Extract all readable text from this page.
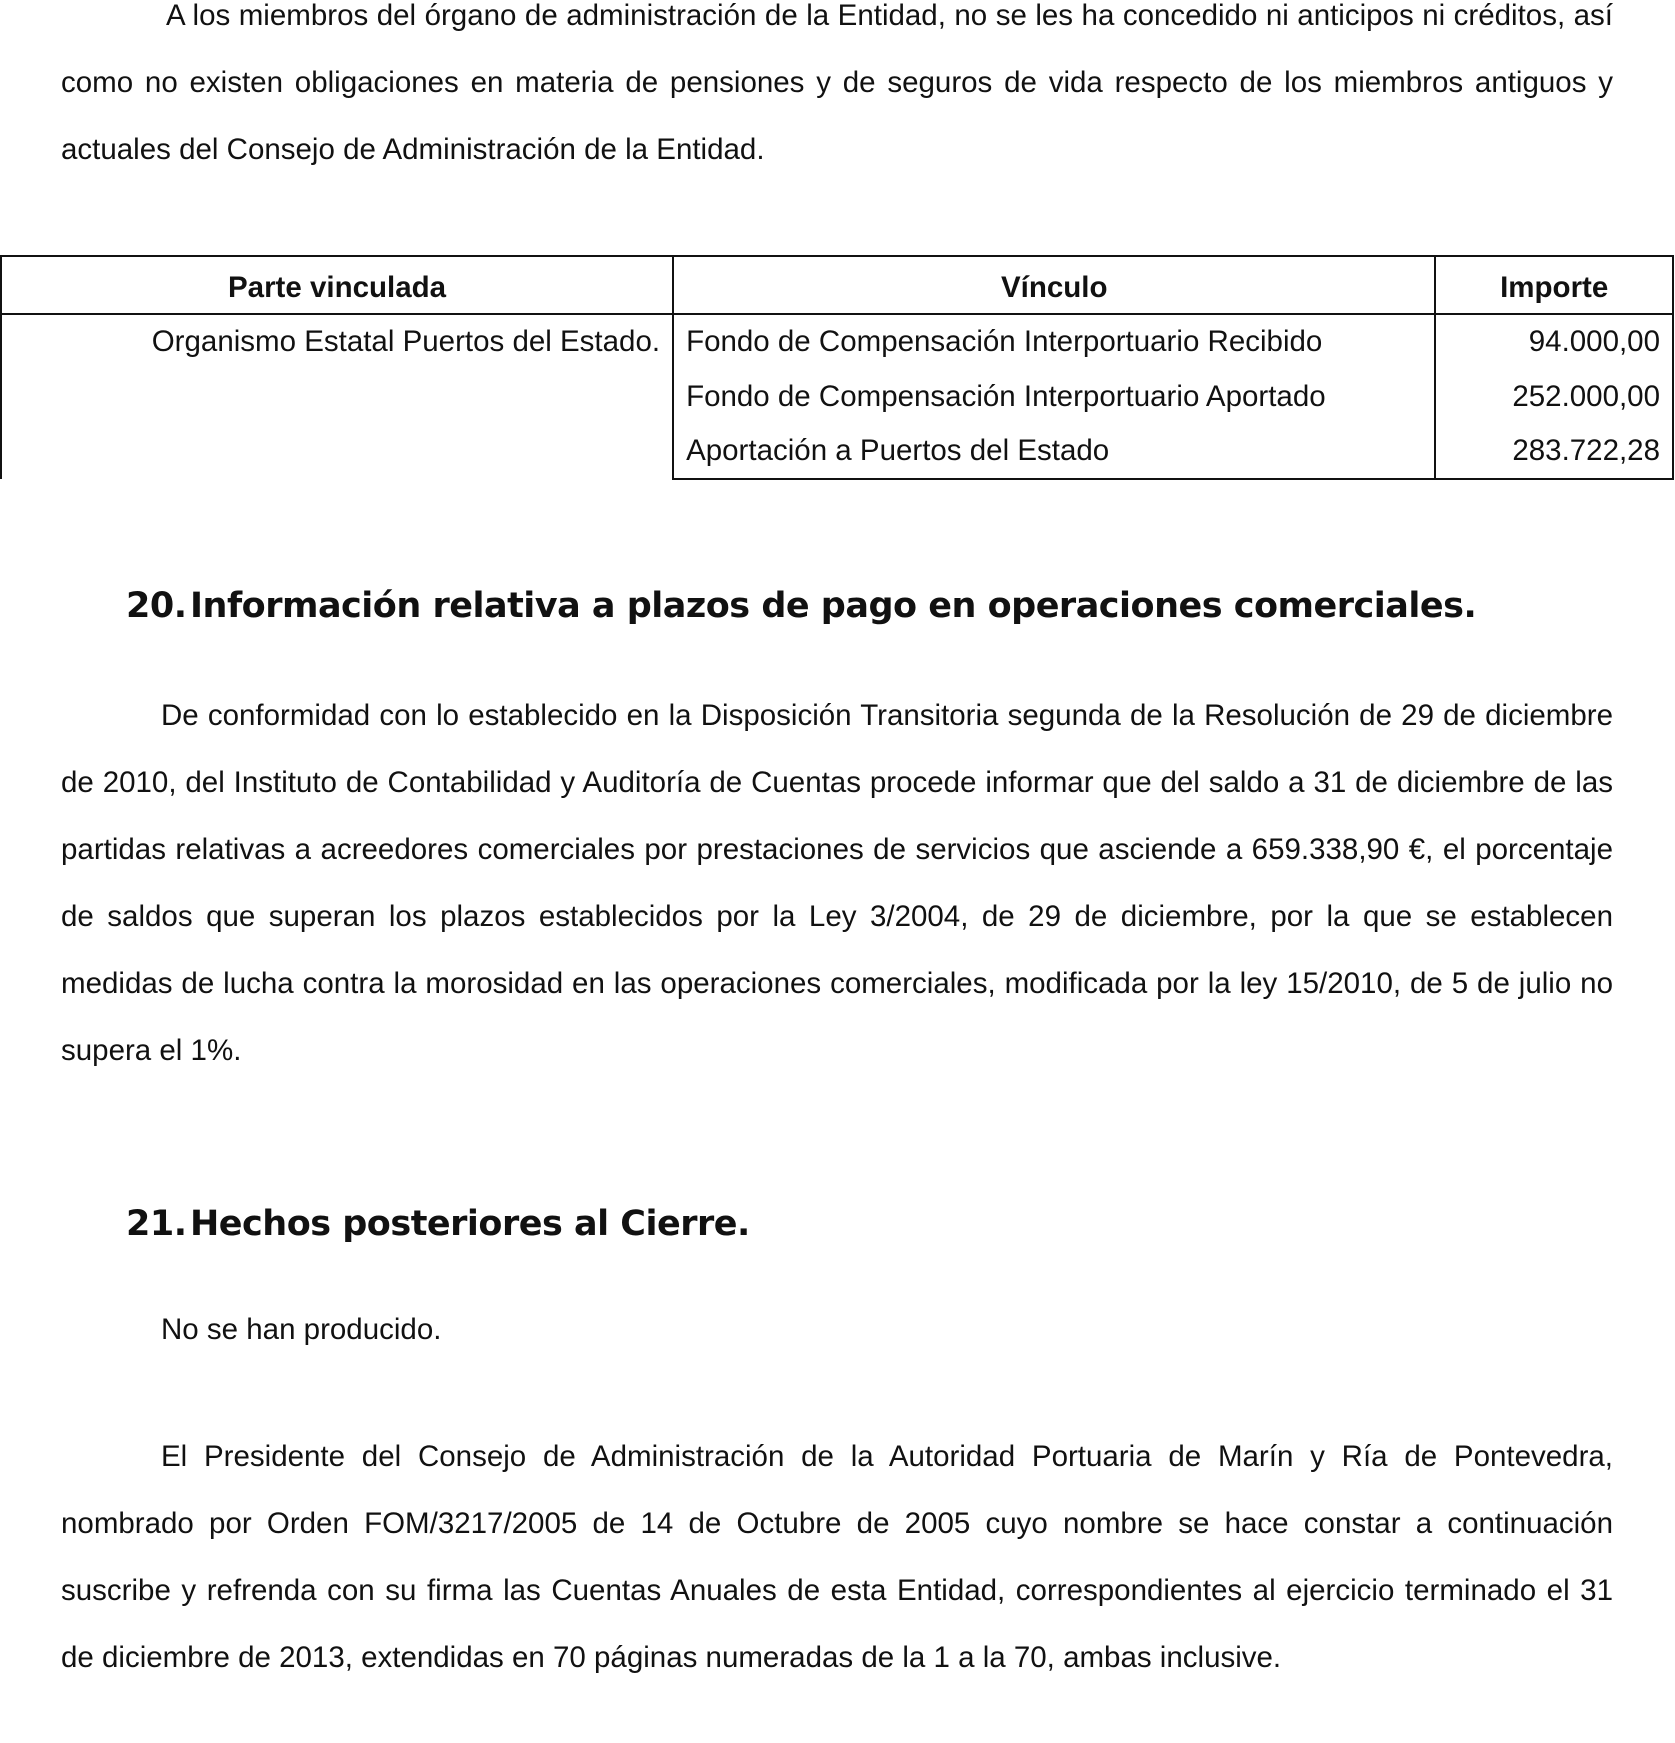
A los miembros del órgano de administración de la Entidad, no se les ha concedido ni anticipos ni créditos, así como no existen obligaciones en materia de pensiones y de seguros de vida respecto de los miembros antiguos y actuales del Consejo de Administración de la Entidad.

Parte vinculada	Vínculo	Importe
Organismo Estatal Puertos del Estado.	Fondo de Compensación Interportuario Recibido	94.000,00
	Fondo de Compensación Interportuario Aportado	252.000,00
	Aportación a Puertos del Estado	283.722,28
20.Información relativa a plazos de pago en operaciones comerciales.

De conformidad con lo establecido en la Disposición Transitoria segunda de la Resolución de 29 de diciembre de 2010, del Instituto de Contabilidad y Auditoría de Cuentas procede informar que del saldo a 31 de diciembre de las partidas relativas a acreedores comerciales por prestaciones de servicios que asciende a 659.338,90 €, el porcentaje de saldos que superan los plazos establecidos por la Ley 3/2004, de 29 de diciembre, por la que se establecen medidas de lucha contra la morosidad en las operaciones comerciales, modificada por la ley 15/2010, de 5 de julio no supera el 1%.

21.Hechos posteriores al Cierre.

No se han producido.

El Presidente del Consejo de Administración de la Autoridad Portuaria de Marín y Ría de Pontevedra, nombrado por Orden FOM/3217/2005 de 14 de Octubre de 2005 cuyo nombre se hace constar a continuación suscribe y refrenda con su firma las Cuentas Anuales de esta Entidad, correspondientes al ejercicio terminado el 31 de diciembre de 2013, extendidas en 70 páginas numeradas de la 1 a la 70, ambas inclusive.
